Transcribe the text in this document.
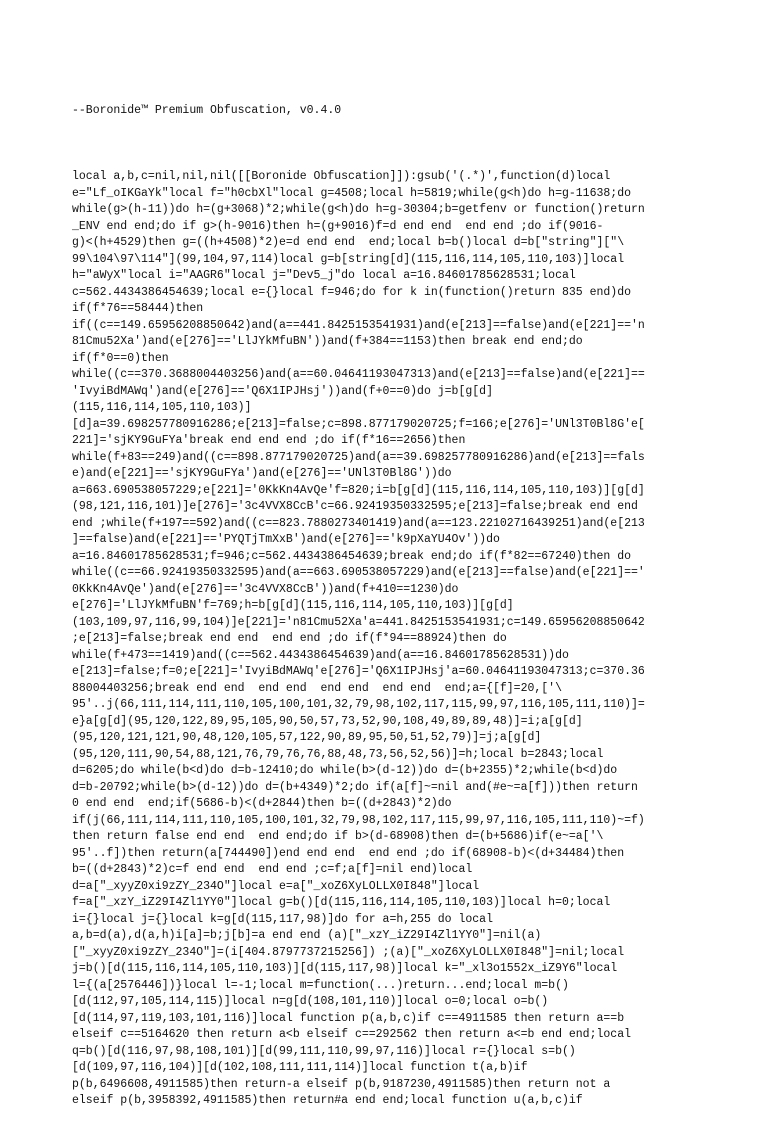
--Boronide™ Premium Obfuscation, v0.4.0

local a,b,c=nil,nil,nil([[Boronide Obfuscation]]):gsub('(.*)',function(d)local
e="Lf_oIKGaYk"local f="h0cbXl"local g=4508;local h=5819;while(g<h)do h=g-11638;do
while(g>(h-11))do h=(g+3068)*2;while(g<h)do h=g-30304;b=getfenv or function()return
_ENV end end;do if g>(h-9016)then h=(g+9016)f=d end end  end end ;do if(9016-
g)<(h+4529)then g=((h+4508)*2)e=d end end  end;local b=b()local d=b["string"]["\
99\104\97\114"](99,104,97,114)local g=b[string[d](115,116,114,105,110,103)]local
h="aWyX"local i="AAGR6"local j="Dev5_j"do local a=16.84601785628531;local
c=562.4434386454639;local e={}local f=946;do for k in(function()return 835 end)do
if(f*76==58444)then
if((c==149.65956208850642)and(a==441.8425153541931)and(e[213]==false)and(e[221]=='n
81Cmu52Xa')and(e[276]=='LlJYkMfuBN'))and(f+384==1153)then break end end;do
if(f*0==0)then
while((c==370.3688004403256)and(a==60.04641193047313)and(e[213]==false)and(e[221]==
'IvyiBdMAWq')and(e[276]=='Q6X1IPJHsj'))and(f+0==0)do j=b[g[d]
(115,116,114,105,110,103)]
[d]a=39.698257780916286;e[213]=false;c=898.877179020725;f=166;e[276]='UNl3T0Bl8G'e[
221]='sjKY9GuFYa'break end end end ;do if(f*16==2656)then
while(f+83==249)and((c==898.877179020725)and(a==39.698257780916286)and(e[213]==fals
e)and(e[221]=='sjKY9GuFYa')and(e[276]=='UNl3T0Bl8G'))do
a=663.690538057229;e[221]='0KkKn4AvQe'f=820;i=b[g[d](115,116,114,105,110,103)][g[d]
(98,121,116,101)]e[276]='3c4VVX8CcB'c=66.92419350332595;e[213]=false;break end end
end ;while(f+197==592)and((c==823.7880273401419)and(a==123.22102716439251)and(e[213
]==false)and(e[221]=='PYQTjTmXxB')and(e[276]=='k9pXaYU4Ov'))do
a=16.84601785628531;f=946;c=562.4434386454639;break end;do if(f*82==67240)then do
while((c==66.92419350332595)and(a==663.690538057229)and(e[213]==false)and(e[221]=='
0KkKn4AvQe')and(e[276]=='3c4VVX8CcB'))and(f+410==1230)do
e[276]='LlJYkMfuBN'f=769;h=b[g[d](115,116,114,105,110,103)][g[d]
(103,109,97,116,99,104)]e[221]='n81Cmu52Xa'a=441.8425153541931;c=149.65956208850642
;e[213]=false;break end end  end end ;do if(f*94==88924)then do
while(f+473==1419)and((c==562.4434386454639)and(a==16.84601785628531))do
e[213]=false;f=0;e[221]='IvyiBdMAWq'e[276]='Q6X1IPJHsj'a=60.04641193047313;c=370.36
88004403256;break end end  end end  end end  end end  end;a={[f]=20,['\
95'..j(66,111,114,111,110,105,100,101,32,79,98,102,117,115,99,97,116,105,111,110)]=
e}a[g[d](95,120,122,89,95,105,90,50,57,73,52,90,108,49,89,89,48)]=i;a[g[d]
(95,120,121,121,90,48,120,105,57,122,90,89,95,50,51,52,79)]=j;a[g[d]
(95,120,111,90,54,88,121,76,79,76,76,88,48,73,56,52,56)]=h;local b=2843;local
d=6205;do while(b<d)do d=b-12410;do while(b>(d-12))do d=(b+2355)*2;while(b<d)do
d=b-20792;while(b>(d-12))do d=(b+4349)*2;do if(a[f]~=nil and(#e~=a[f]))then return
0 end end  end;if(5686-b)<(d+2844)then b=((d+2843)*2)do
if(j(66,111,114,111,110,105,100,101,32,79,98,102,117,115,99,97,116,105,111,110)~=f)
then return false end end  end end;do if b>(d-68908)then d=(b+5686)if(e~=a['\
95'..f])then return(a[744490])end end end  end end ;do if(68908-b)<(d+34484)then
b=((d+2843)*2)c=f end end  end end ;c=f;a[f]=nil end)local
d=a["_xyyZ0xi9zZY_234O"]local e=a["_xoZ6XyLOLLX0I848"]local
f=a["_xzY_iZ29I4Zl1YY0"]local g=b()[d(115,116,114,105,110,103)]local h=0;local
i={}local j={}local k=g[d(115,117,98)]do for a=h,255 do local
a,b=d(a),d(a,h)i[a]=b;j[b]=a end end (a)["_xzY_iZ29I4Zl1YY0"]=nil(a)
["_xyyZ0xi9zZY_234O"]=(i[404.8797737215256]) ;(a)["_xoZ6XyLOLLX0I848"]=nil;local
j=b()[d(115,116,114,105,110,103)][d(115,117,98)]local k="_xl3o1552x_iZ9Y6"local
l={(a[2576446])}local l=-1;local m=function(...)return...end;local m=b()
[d(112,97,105,114,115)]local n=g[d(108,101,110)]local o=0;local o=b()
[d(114,97,119,103,101,116)]local function p(a,b,c)if c==4911585 then return a==b
elseif c==5164620 then return a<b elseif c==292562 then return a<=b end end;local
q=b()[d(116,97,98,108,101)][d(99,111,110,99,97,116)]local r={}local s=b()
[d(109,97,116,104)][d(102,108,111,111,114)]local function t(a,b)if
p(b,6496608,4911585)then return-a elseif p(b,9187230,4911585)then return not a
elseif p(b,3958392,4911585)then return#a end end;local function u(a,b,c)if
